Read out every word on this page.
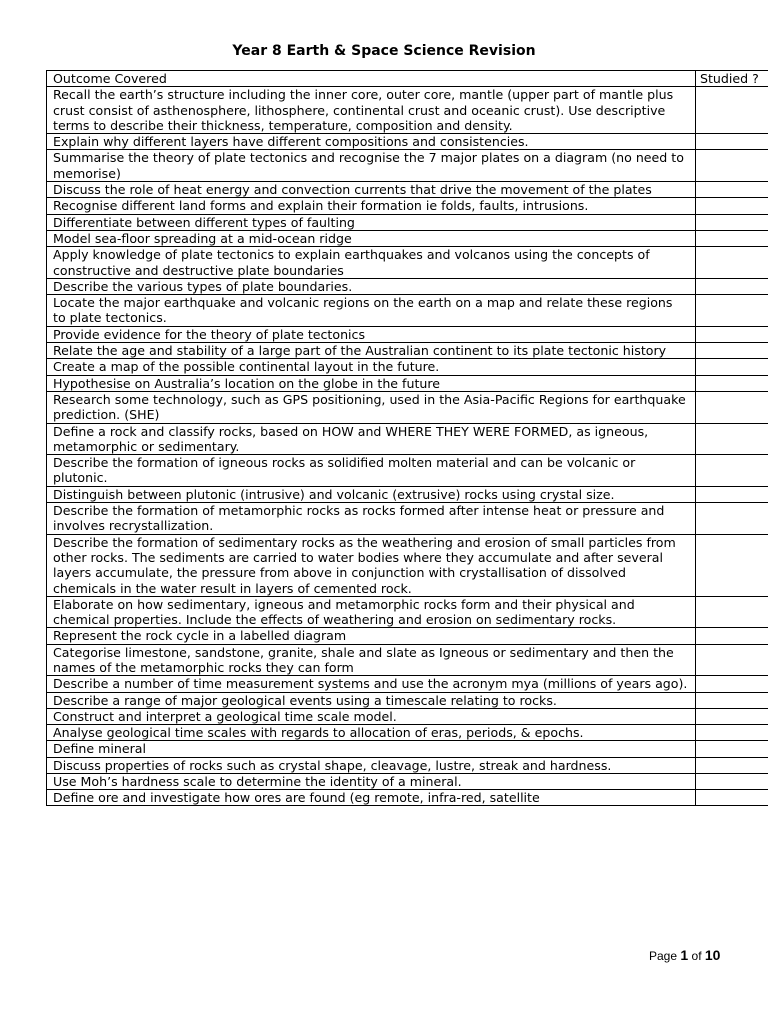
Year 8 Earth & Space Science Revision
Outcome Covered	Studied ?
Recall the earth’s structure including the inner core, outer core, mantle (upper part of mantle plus crust consist of asthenosphere, lithosphere, continental crust and oceanic crust). Use descriptive terms to describe their thickness, temperature, composition and density.	
Explain why different layers have different compositions and consistencies.	
Summarise the theory of plate tectonics and recognise the 7 major plates on a diagram (no need to memorise)	
Discuss the role of heat energy and convection currents that drive the movement of the plates	
Recognise different land forms and explain their formation ie folds, faults, intrusions.	
Differentiate between different types of faulting	
Model sea-floor spreading at a mid-ocean ridge	
Apply knowledge of plate tectonics to explain earthquakes and volcanos using the concepts of constructive and destructive plate boundaries	
Describe the various types of plate boundaries.	
Locate the major earthquake and volcanic regions on the earth on a map and relate these regions to plate tectonics.	
Provide evidence for the theory of plate tectonics	
Relate the age and stability of a large part of the Australian continent to its plate tectonic history	
Create a map of the possible continental layout in the future.	
Hypothesise on Australia’s location on the globe in the future	
Research some technology, such as GPS positioning, used in the Asia-Pacific Regions for earthquake prediction. (SHE)	
Define a rock and classify rocks, based on HOW and WHERE THEY WERE FORMED, as igneous, metamorphic or sedimentary.	
Describe the formation of igneous rocks as solidified molten material and can be volcanic or plutonic.	
Distinguish between plutonic (intrusive) and volcanic (extrusive) rocks using crystal size.	
Describe the formation of metamorphic rocks as rocks formed after intense heat or pressure and involves recrystallization.	
Describe the formation of sedimentary rocks as the weathering and erosion of small particles from other rocks. The sediments are carried to water bodies where they accumulate and after several layers accumulate, the pressure from above in conjunction with crystallisation of dissolved chemicals in the water result in layers of cemented rock.	
Elaborate on how sedimentary, igneous and metamorphic rocks form and their physical and chemical properties. Include the effects of weathering and erosion on sedimentary rocks.	
Represent the rock cycle in a labelled diagram	
Categorise limestone, sandstone, granite, shale and slate as Igneous or sedimentary and then the names of the metamorphic rocks they can form	
Describe a number of time measurement systems and use the acronym mya (millions of years ago).	
Describe a range of major geological events using a timescale relating to rocks.	
Construct and interpret a geological time scale model.	
Analyse geological time scales with regards to allocation of eras, periods, & epochs.	
Define mineral	
Discuss properties of rocks such as crystal shape, cleavage, lustre, streak and hardness.	
Use Moh’s hardness scale to determine the identity of a mineral.	

Define ore and investigate how ores are found (eg remote, infra-red, satellite	

Page 1 of 10
